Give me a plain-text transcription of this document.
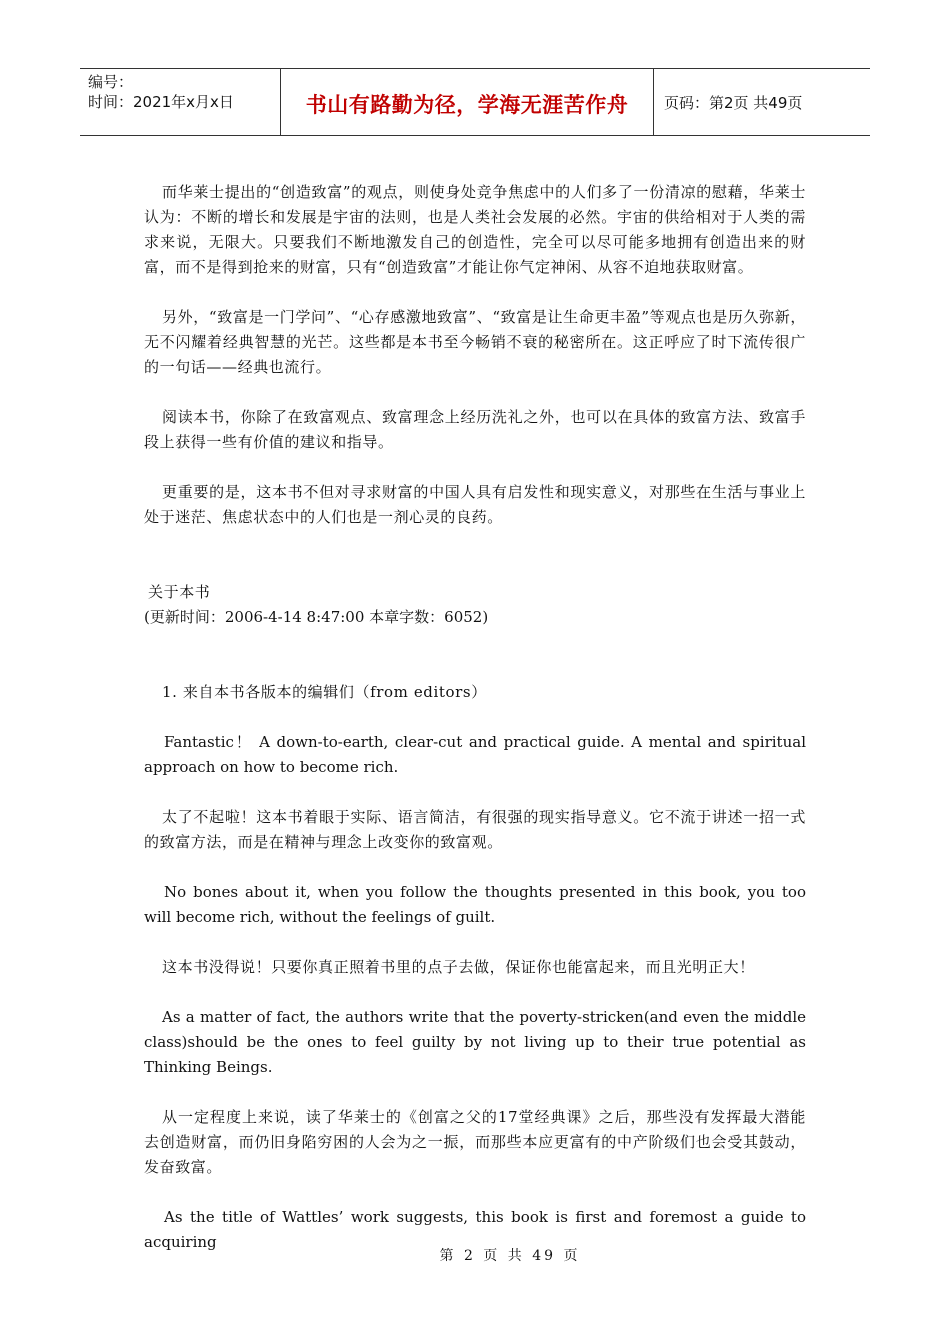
编号：
时间：2021年x月x日	书山有路勤为径，学海无涯苦作舟	页码：第2页 共49页

而华莱士提出的“创造致富”的观点，则使身处竞争焦虑中的人们多了一份清凉的慰藉，华莱士认为：不断的增长和发展是宇宙的法则，也是人类社会发展的必然。宇宙的供给相对于人类的需求来说，无限大。只要我们不断地激发自己的创造性，完全可以尽可能多地拥有创造出来的财富，而不是得到抢来的财富，只有“创造致富”才能让你气定神闲、从容不迫地获取财富。

另外，“致富是一门学问”、“心存感激地致富”、“致富是让生命更丰盈”等观点也是历久弥新，无不闪耀着经典智慧的光芒。这些都是本书至今畅销不衰的秘密所在。这正呼应了时下流传很广的一句话——经典也流行。

阅读本书，你除了在致富观点、致富理念上经历洗礼之外，也可以在具体的致富方法、致富手段上获得一些有价值的建议和指导。

更重要的是，这本书不但对寻求财富的中国人具有启发性和现实意义，对那些在生活与事业上处于迷茫、焦虑状态中的人们也是一剂心灵的良药。

关于本书

(更新时间：2006-4-14 8:47:00 本章字数：6052)

1. 来自本书各版本的编辑们（from editors）

Fantastic！ A down-to-earth, clear-cut and practical guide. A mental and spiritual approach on how to become rich.

太了不起啦！这本书着眼于实际、语言简洁，有很强的现实指导意义。它不流于讲述一招一式的致富方法，而是在精神与理念上改变你的致富观。

No bones about it, when you follow the thoughts presented in this book, you too will become rich, without the feelings of guilt.

这本书没得说！只要你真正照着书里的点子去做，保证你也能富起来，而且光明正大！

As a matter of fact, the authors write that the poverty-stricken(and even the middle class)should be the ones to feel guilty by not living up to their true potential as Thinking Beings.

从一定程度上来说，读了华莱士的《创富之父的17堂经典课》之后，那些没有发挥最大潜能去创造财富，而仍旧身陷穷困的人会为之一振，而那些本应更富有的中产阶级们也会受其鼓动，发奋致富。

As the title of Wattles’ work suggests, this book is first and foremost a guide to acquiring

第 2 页 共 49 页
